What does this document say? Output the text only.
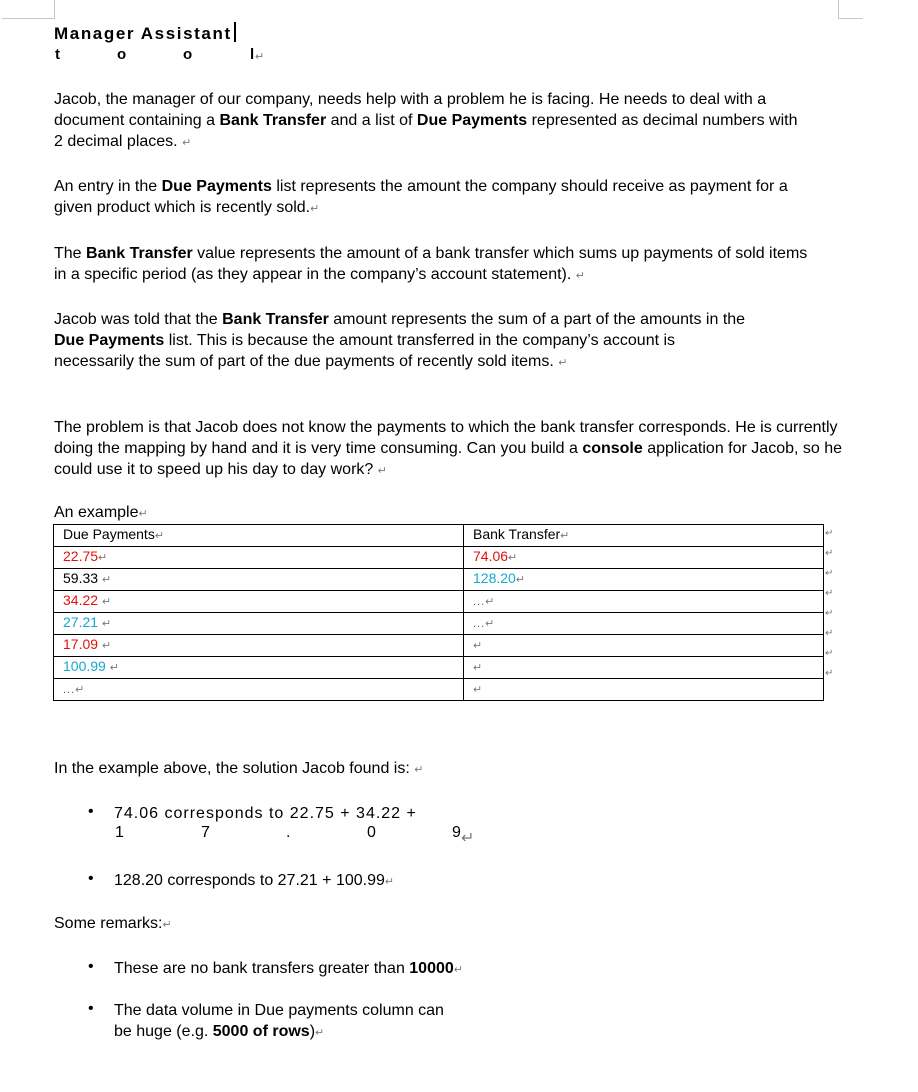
Manager Assistant
t	o	o	l ↵

Jacob, the manager of our company, needs help with a problem he is facing. He needs to deal with a document containing a Bank Transfer and a list of Due Payments represented as decimal numbers with 2 decimal places. ↵

An entry in the Due Payments list represents the amount the company should receive as payment for a given product which is recently sold.↵

The Bank Transfer value represents the amount of a bank transfer which sums up payments of sold items in a specific period (as they appear in the company’s account statement). ↵

Jacob was told that the Bank Transfer amount represents the sum of a part of the amounts in the Due Payments list. This is because the amount transferred in the company’s account is necessarily the sum of part of the due payments of recently sold items. ↵

The problem is that Jacob does not know the payments to which the bank transfer corresponds. He is currently doing the mapping by hand and it is very time consuming. Can you build a console application for Jacob, so he could use it to speed up his day to day work? ↵

An example↵
Due Payments↵	Bank Transfer↵
22.75↵	74.06↵
59.33 ↵	128.20↵
34.22 ↵	...↵
27.21 ↵	...↵
17.09 ↵	↵
100.99 ↵	↵
...↵	↵
↵
↵
↵
↵
↵
↵
↵
↵
In the example above, the solution Jacob found is: ↵
• 74.06 corresponds to 22.75 + 34.22 +
1	7	.	0	9 ↵
• 128.20 corresponds to 27.21 + 100.99↵
Some remarks:↵
• These are no bank transfers greater than 10000↵
• The data volume in Due payments column can
be huge (e.g. 5000 of rows)↵
